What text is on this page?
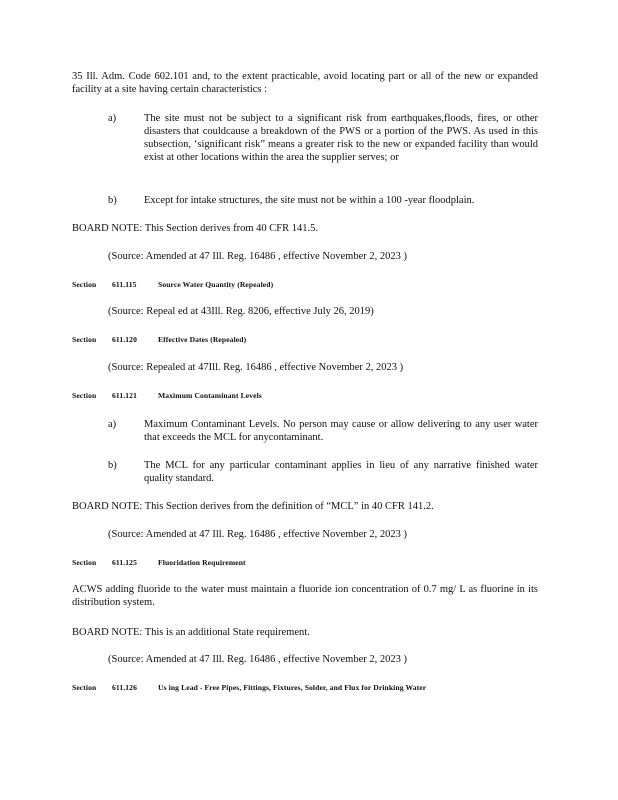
35 Ill. Adm. Code 602.101 and, to the extent practicable, avoid locating part or all of the new or expanded facility at a site having certain characteristics :

a)	The site must not be subject to a significant risk from earthquakes,floods, fires, or other disasters that couldcause a breakdown of the PWS or a portion of the PWS. As used in this subsection, ‘significant risk” means a greater risk to the new or expanded facility than would exist at other locations within the area the supplier serves; or
b)	Except for intake structures, the site must not be within a 100 -year floodplain.

BOARD NOTE: This Section derives from 40 CFR 141.5.

(Source: Amended at 47 Ill. Reg. 16486 , effective November 2, 2023 )

Section 611.115	Source Water Quantity (Repealed)

(Source: Repeal ed at 43Ill. Reg. 8206, effective July 26, 2019)

Section 611.120	Effective Dates (Repealed)

(Source: Repealed at 47Ill. Reg. 16486 , effective November 2, 2023 )

Section 611.121	Maximum Contaminant Levels
a)	Maximum Contaminant Levels. No person may cause or allow delivering to any user water that exceeds the MCL for anycontaminant.
b)	The MCL for any particular contaminant applies in lieu of any narrative finished water quality standard.

BOARD NOTE: This Section derives from the definition of “MCL” in 40 CFR 141.2.

(Source: Amended at 47 Ill. Reg. 16486 , effective November 2, 2023 )

Section 611.125	Fluoridation Requirement

ACWS adding fluoride to the water must maintain a fluoride ion concentration of 0.7 mg/ L as fluorine in its distribution system.

BOARD NOTE: This is an additional State requirement.

(Source: Amended at 47 Ill. Reg. 16486 , effective November 2, 2023 )

Section 611.126	Us ing Lead - Free Pipes, Fittings, Fixtures, Solder, and Flux for Drinking Water
